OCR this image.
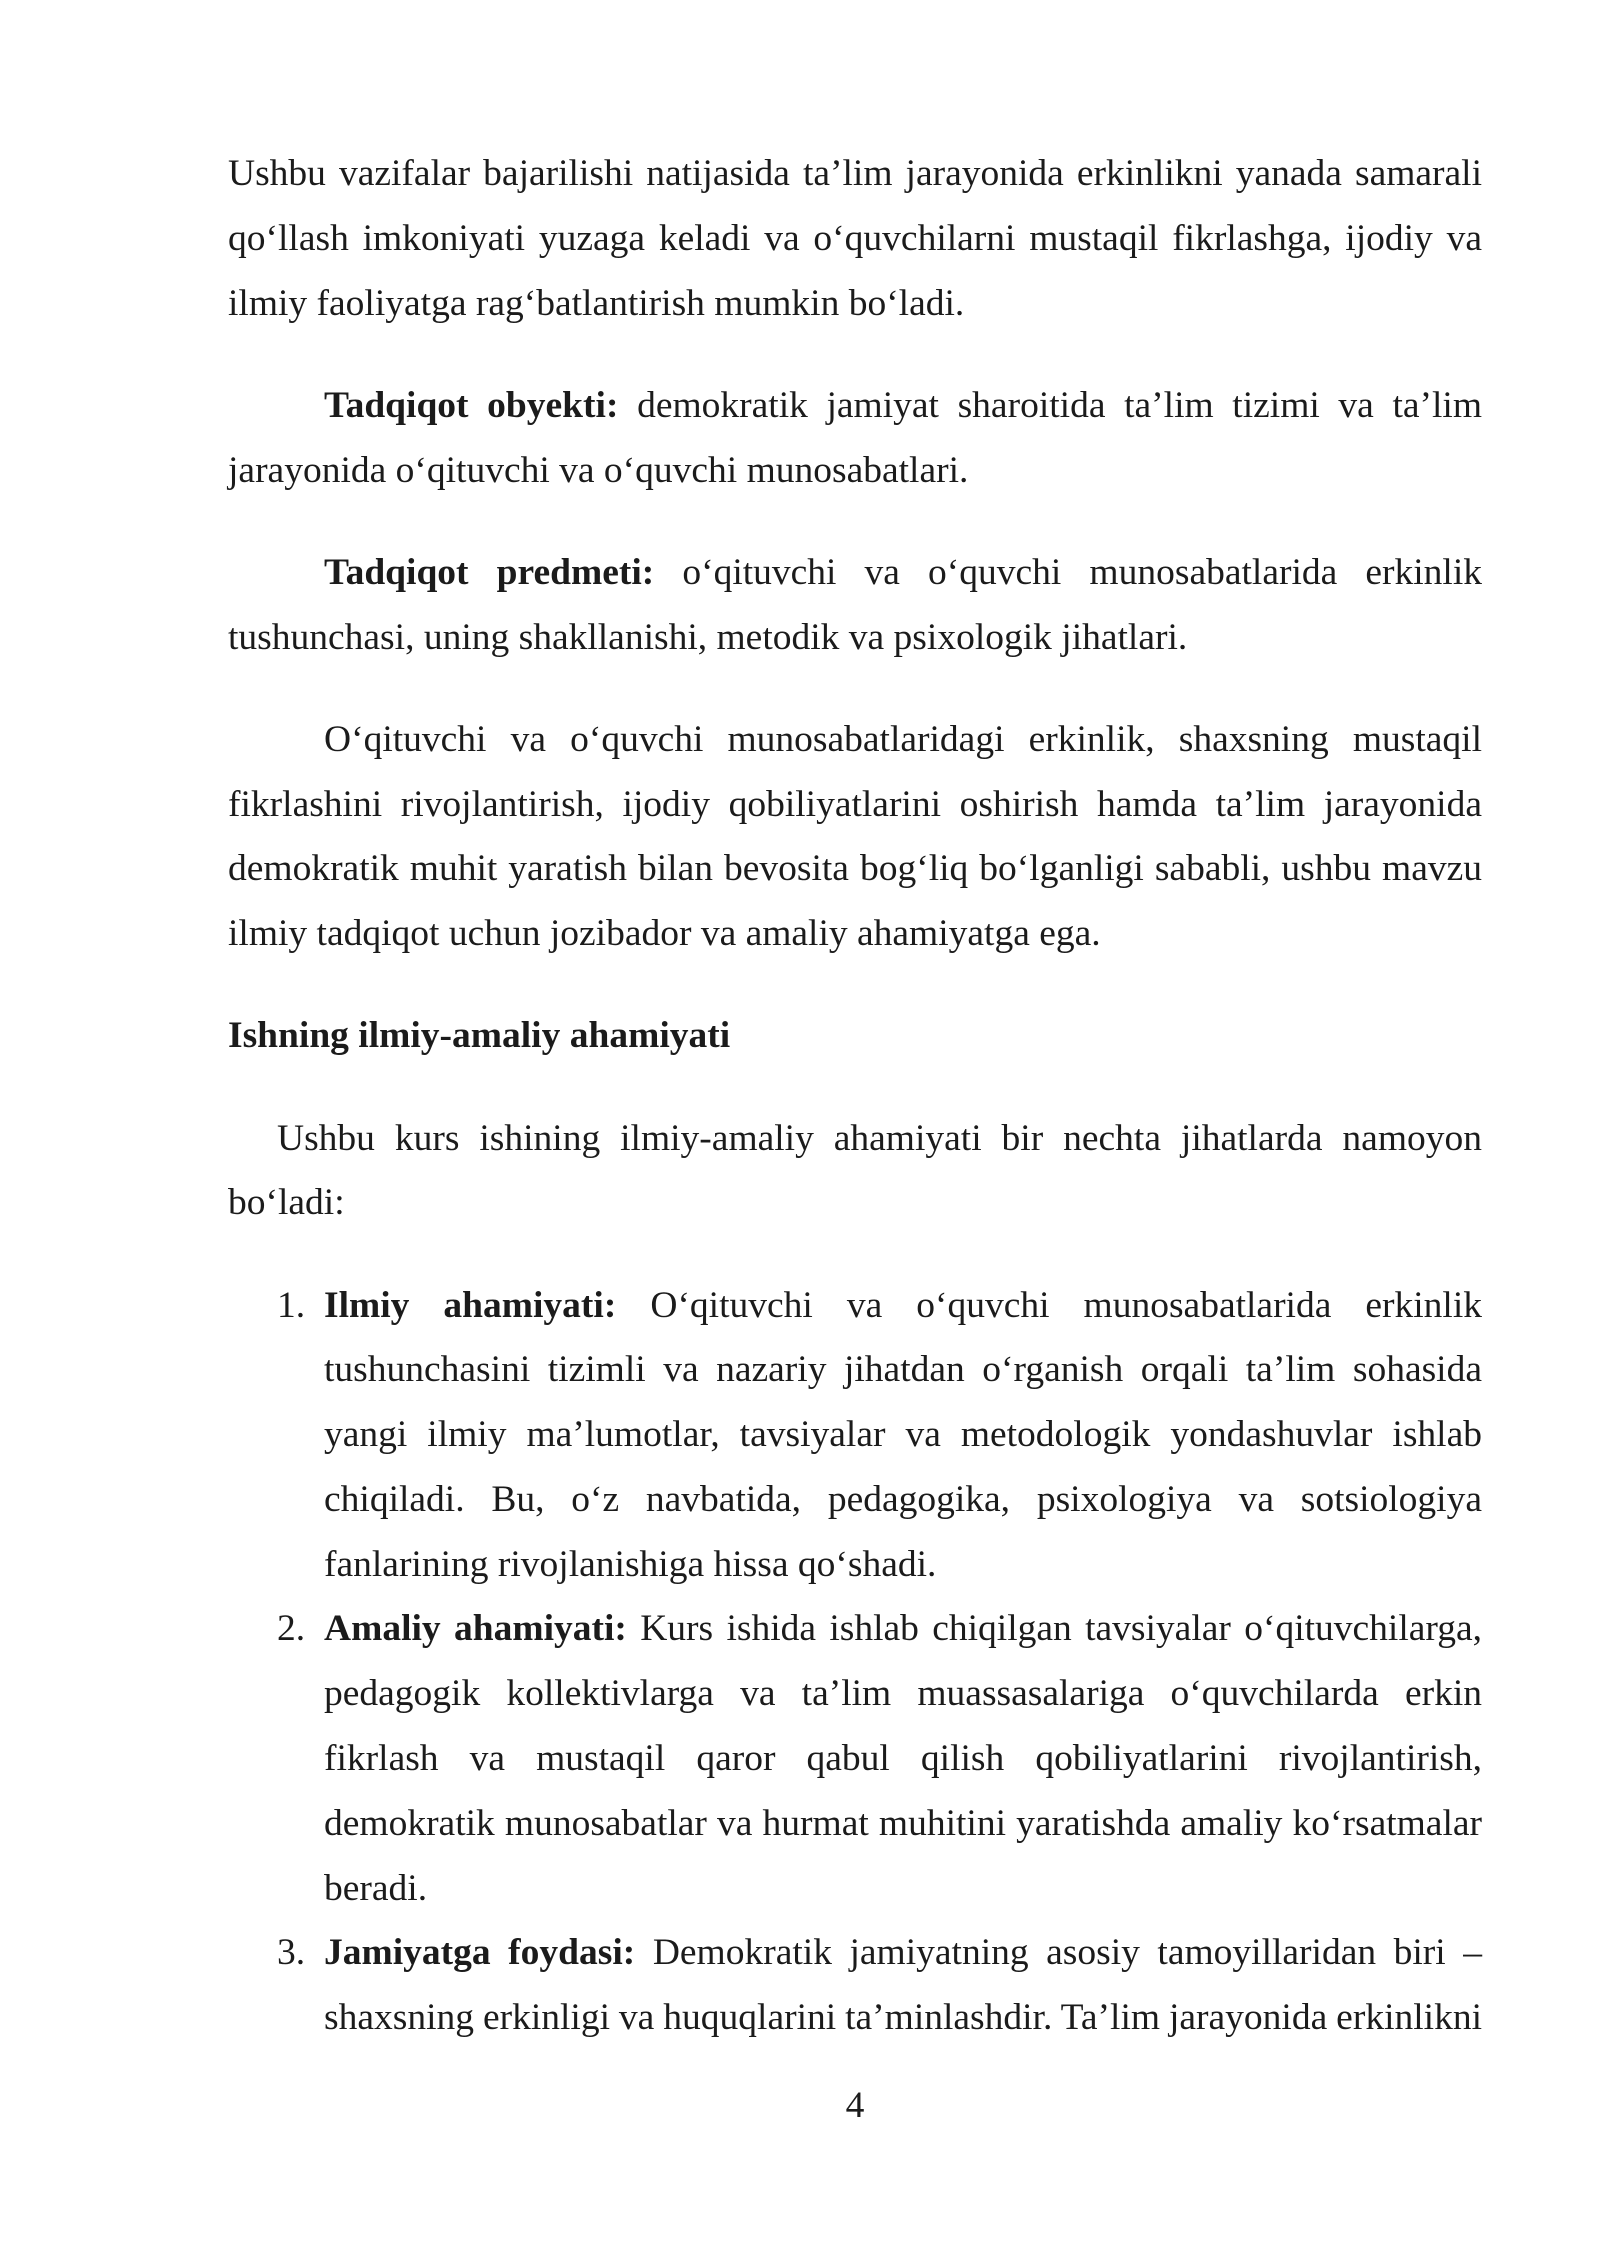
Ushbu vazifalar bajarilishi natijasida ta’lim jarayonida erkinlikni yanada samarali
qo‘llash imkoniyati yuzaga keladi va o‘quvchilarni mustaqil fikrlashga, ijodiy va
ilmiy faoliyatga rag‘batlantirish mumkin bo‘ladi.
Tadqiqot obyekti: demokratik jamiyat sharoitida ta’lim tizimi va ta’lim
jarayonida o‘qituvchi va o‘quvchi munosabatlari.
Tadqiqot predmeti: o‘qituvchi va o‘quvchi munosabatlarida erkinlik
tushunchasi, uning shakllanishi, metodik va psixologik jihatlari.
O‘qituvchi va o‘quvchi munosabatlaridagi erkinlik, shaxsning mustaqil
fikrlashini rivojlantirish, ijodiy qobiliyatlarini oshirish hamda ta’lim jarayonida
demokratik muhit yaratish bilan bevosita bog‘liq bo‘lganligi sababli, ushbu mavzu
ilmiy tadqiqot uchun jozibador va amaliy ahamiyatga ega.
Ishning ilmiy-amaliy ahamiyati
Ushbu kurs ishining ilmiy-amaliy ahamiyati bir nechta jihatlarda namoyon
bo‘ladi:
1. Ilmiy ahamiyati: O‘qituvchi va o‘quvchi munosabatlarida erkinlik
tushunchasini tizimli va nazariy jihatdan o‘rganish orqali ta’lim sohasida
yangi ilmiy ma’lumotlar, tavsiyalar va metodologik yondashuvlar ishlab
chiqiladi. Bu, o‘z navbatida, pedagogika, psixologiya va sotsiologiya
fanlarining rivojlanishiga hissa qo‘shadi.
2. Amaliy ahamiyati: Kurs ishida ishlab chiqilgan tavsiyalar o‘qituvchilarga,
pedagogik kollektivlarga va ta’lim muassasalariga o‘quvchilarda erkin
fikrlash va mustaqil qaror qabul qilish qobiliyatlarini rivojlantirish,
demokratik munosabatlar va hurmat muhitini yaratishda amaliy ko‘rsatmalar
beradi.
3. Jamiyatga foydasi: Demokratik jamiyatning asosiy tamoyillaridan biri –
shaxsning erkinligi va huquqlarini ta’minlashdir. Ta’lim jarayonida erkinlikni
4
